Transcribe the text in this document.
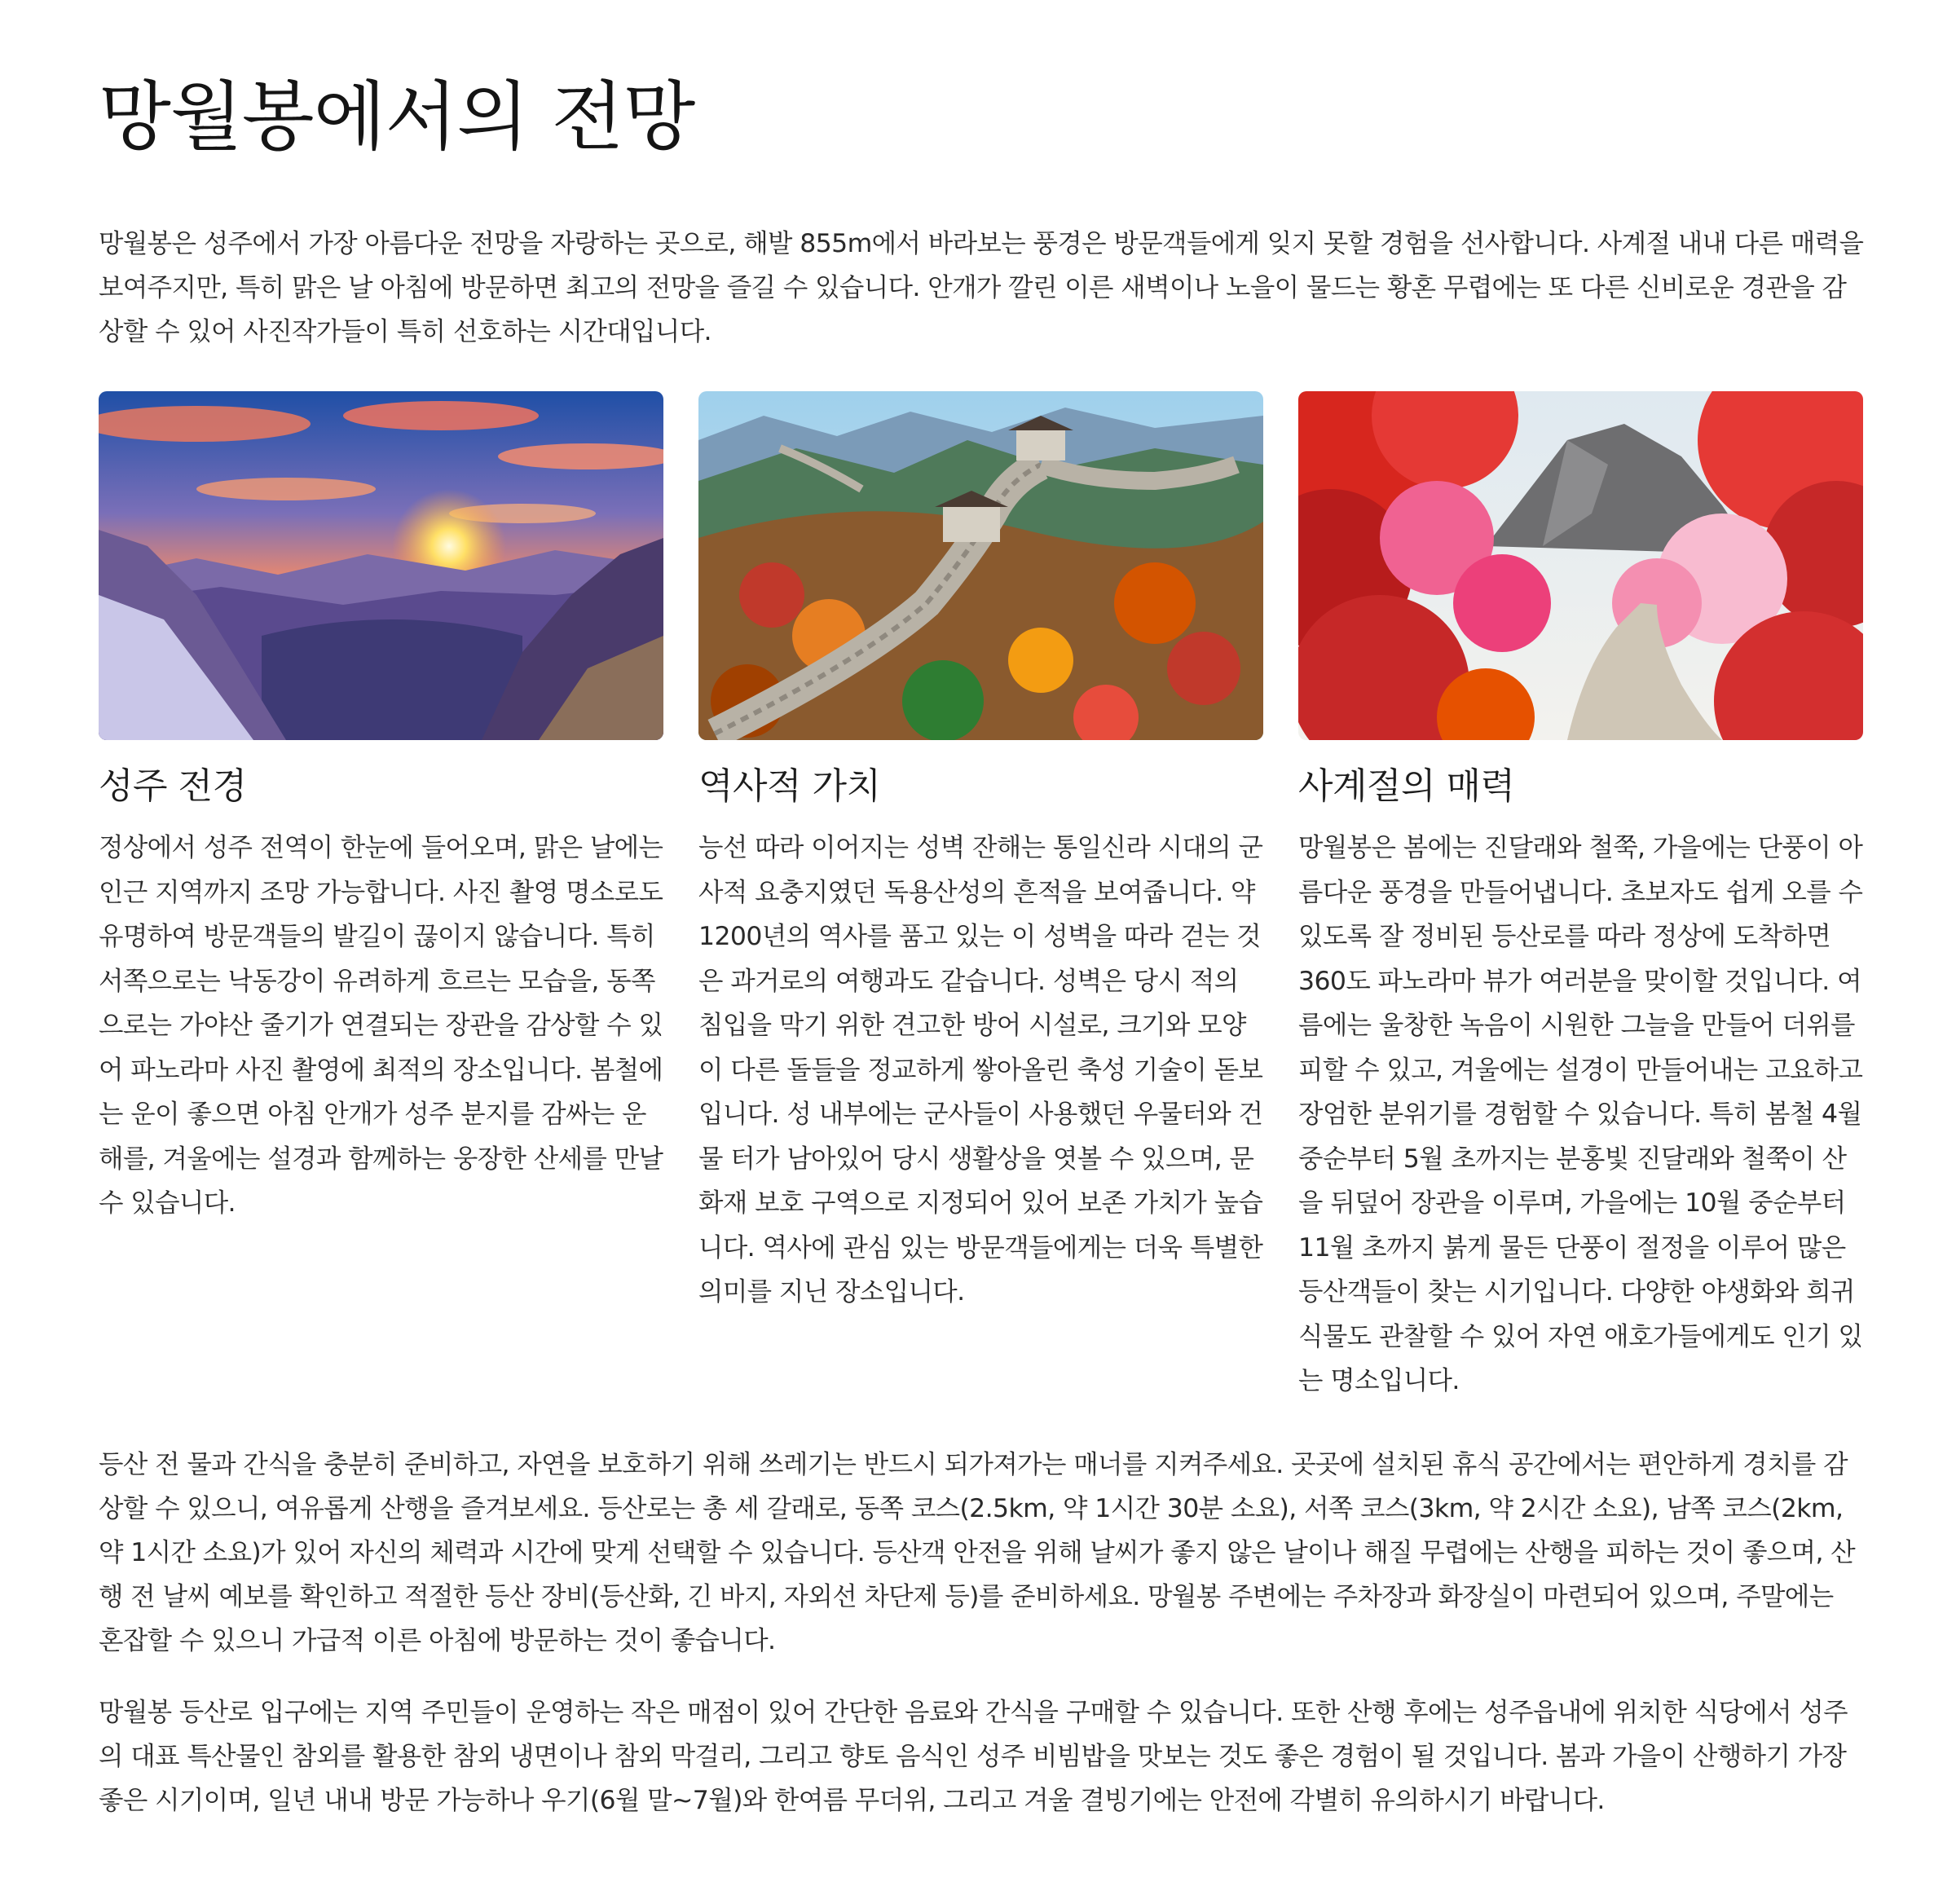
망월봉에서의 전망

망월봉은 성주에서 가장 아름다운 전망을 자랑하는 곳으로, 해발 855m에서 바라보는 풍경은 방문객들에게 잊지 못할 경험을 선사합니다. 사계절 내내 다른 매력을 보여주지만, 특히 맑은 날 아침에 방문하면 최고의 전망을 즐길 수 있습니다. 안개가 깔린 이른 새벽이나 노을이 물드는 황혼 무렵에는 또 다른 신비로운 경관을 감상할 수 있어 사진작가들이 특히 선호하는 시간대입니다.

성주 전경

정상에서 성주 전역이 한눈에 들어오며, 맑은 날에는 인근 지역까지 조망 가능합니다. 사진 촬영 명소로도 유명하여 방문객들의 발길이 끊이지 않습니다. 특히 서쪽으로는 낙동강이 유려하게 흐르는 모습을, 동쪽으로는 가야산 줄기가 연결되는 장관을 감상할 수 있어 파노라마 사진 촬영에 최적의 장소입니다. 봄철에는 운이 좋으면 아침 안개가 성주 분지를 감싸는 운해를, 겨울에는 설경과 함께하는 웅장한 산세를 만날 수 있습니다.

역사적 가치

능선 따라 이어지는 성벽 잔해는 통일신라 시대의 군사적 요충지였던 독용산성의 흔적을 보여줍니다. 약 1200년의 역사를 품고 있는 이 성벽을 따라 걷는 것은 과거로의 여행과도 같습니다. 성벽은 당시 적의 침입을 막기 위한 견고한 방어 시설로, 크기와 모양이 다른 돌들을 정교하게 쌓아올린 축성 기술이 돋보입니다. 성 내부에는 군사들이 사용했던 우물터와 건물 터가 남아있어 당시 생활상을 엿볼 수 있으며, 문화재 보호 구역으로 지정되어 있어 보존 가치가 높습니다. 역사에 관심 있는 방문객들에게는 더욱 특별한 의미를 지닌 장소입니다.

사계절의 매력

망월봉은 봄에는 진달래와 철쭉, 가을에는 단풍이 아름다운 풍경을 만들어냅니다. 초보자도 쉽게 오를 수 있도록 잘 정비된 등산로를 따라 정상에 도착하면 360도 파노라마 뷰가 여러분을 맞이할 것입니다. 여름에는 울창한 녹음이 시원한 그늘을 만들어 더위를 피할 수 있고, 겨울에는 설경이 만들어내는 고요하고 장엄한 분위기를 경험할 수 있습니다. 특히 봄철 4월 중순부터 5월 초까지는 분홍빛 진달래와 철쭉이 산을 뒤덮어 장관을 이루며, 가을에는 10월 중순부터 11월 초까지 붉게 물든 단풍이 절정을 이루어 많은 등산객들이 찾는 시기입니다. 다양한 야생화와 희귀 식물도 관찰할 수 있어 자연 애호가들에게도 인기 있는 명소입니다.

등산 전 물과 간식을 충분히 준비하고, 자연을 보호하기 위해 쓰레기는 반드시 되가져가는 매너를 지켜주세요. 곳곳에 설치된 휴식 공간에서는 편안하게 경치를 감상할 수 있으니, 여유롭게 산행을 즐겨보세요. 등산로는 총 세 갈래로, 동쪽 코스(2.5km, 약 1시간 30분 소요), 서쪽 코스(3km, 약 2시간 소요), 남쪽 코스(2km, 약 1시간 소요)가 있어 자신의 체력과 시간에 맞게 선택할 수 있습니다. 등산객 안전을 위해 날씨가 좋지 않은 날이나 해질 무렵에는 산행을 피하는 것이 좋으며, 산행 전 날씨 예보를 확인하고 적절한 등산 장비(등산화, 긴 바지, 자외선 차단제 등)를 준비하세요. 망월봉 주변에는 주차장과 화장실이 마련되어 있으며, 주말에는 혼잡할 수 있으니 가급적 이른 아침에 방문하는 것이 좋습니다.

망월봉 등산로 입구에는 지역 주민들이 운영하는 작은 매점이 있어 간단한 음료와 간식을 구매할 수 있습니다. 또한 산행 후에는 성주읍내에 위치한 식당에서 성주의 대표 특산물인 참외를 활용한 참외 냉면이나 참외 막걸리, 그리고 향토 음식인 성주 비빔밥을 맛보는 것도 좋은 경험이 될 것입니다. 봄과 가을이 산행하기 가장 좋은 시기이며, 일년 내내 방문 가능하나 우기(6월 말~7월)와 한여름 무더위, 그리고 겨울 결빙기에는 안전에 각별히 유의하시기 바랍니다.
